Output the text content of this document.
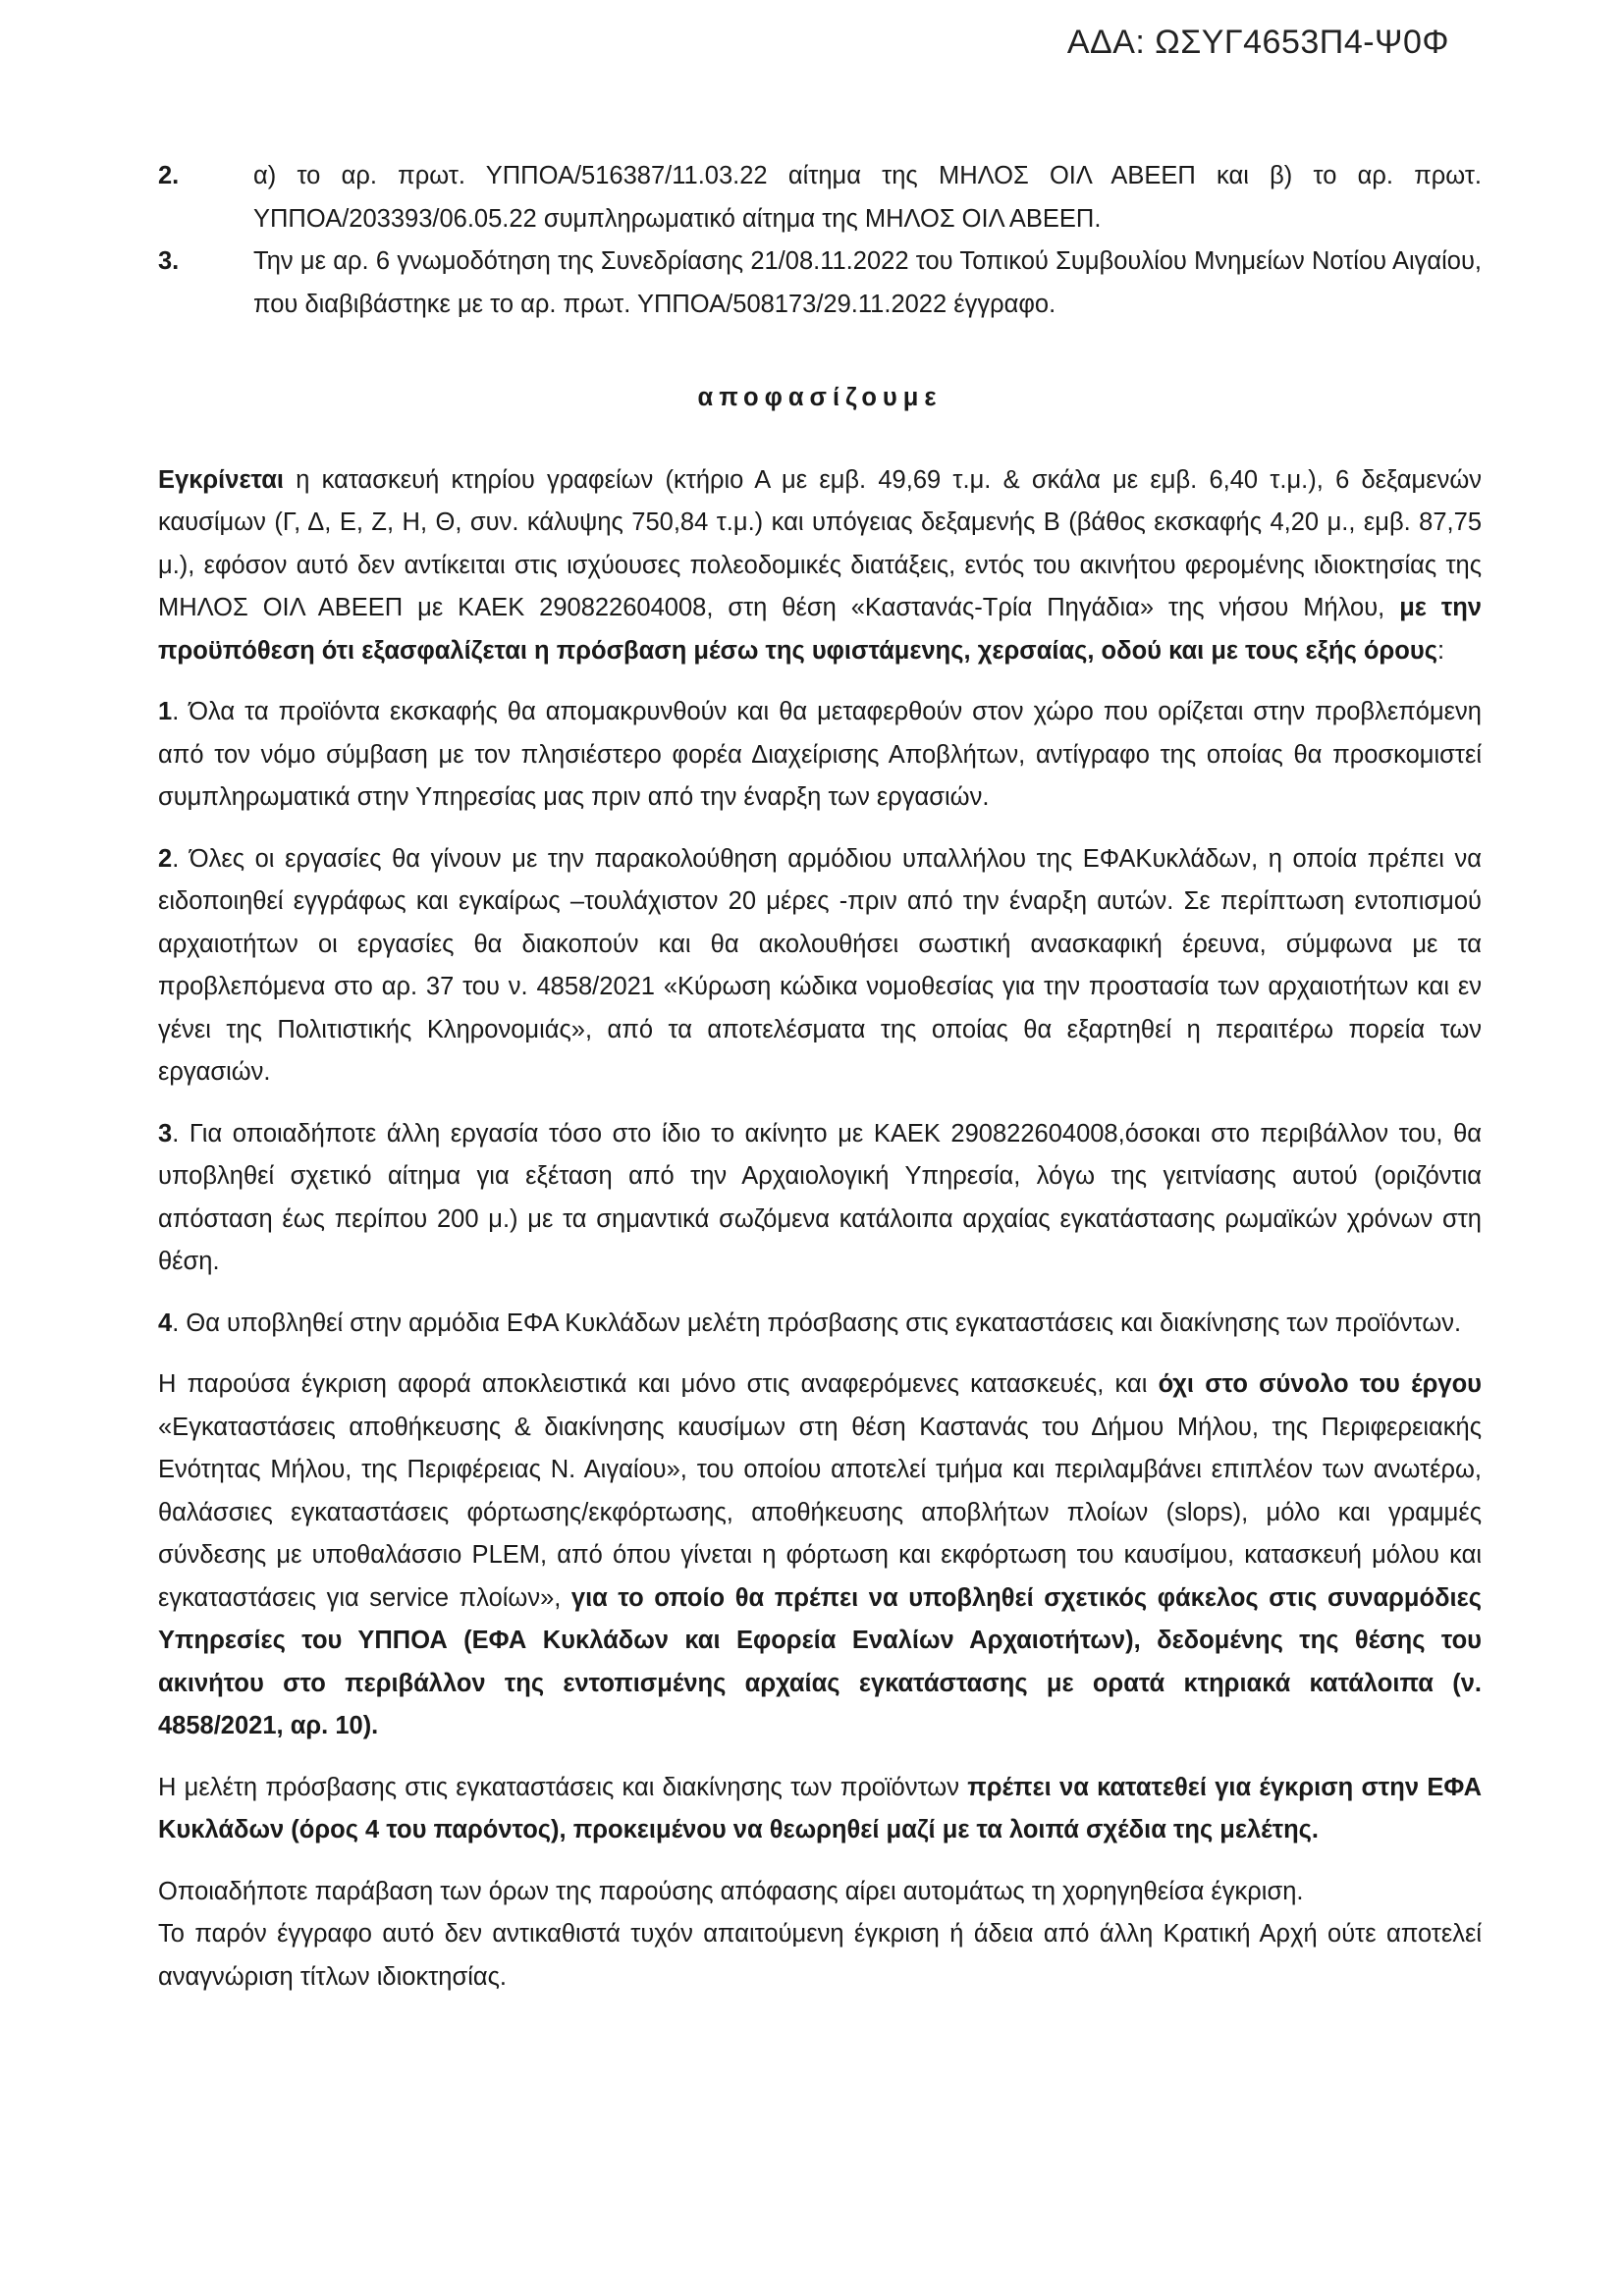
ΑΔΑ: ΩΣΥΓ4653Π4-Ψ0Φ
2.	α) το αρ. πρωτ. ΥΠΠΟΑ/516387/11.03.22 αίτημα της ΜΗΛΟΣ ΟΙΛ ΑΒΕΕΠ και β) το αρ. πρωτ. ΥΠΠΟΑ/203393/06.05.22 συμπληρωματικό αίτημα της ΜΗΛΟΣ ΟΙΛ ΑΒΕΕΠ.
3.	Την με αρ. 6 γνωμοδότηση της Συνεδρίασης 21/08.11.2022 του Τοπικού Συμβουλίου Μνημείων Νοτίου Αιγαίου, που διαβιβάστηκε με το αρ. πρωτ. ΥΠΠΟΑ/508173/29.11.2022 έγγραφο.
αποφασίζουμε

Εγκρίνεται η κατασκευή κτηρίου γραφείων (κτήριο Α με εμβ. 49,69 τ.μ. & σκάλα με εμβ. 6,40 τ.μ.), 6 δεξαμενών καυσίμων (Γ, Δ, Ε, Ζ, Η, Θ, συν. κάλυψης 750,84 τ.μ.) και υπόγειας δεξαμενής Β (βάθος εκσκαφής 4,20 μ., εμβ. 87,75 μ.), εφόσον αυτό δεν αντίκειται στις ισχύουσες πολεοδομικές διατάξεις, εντός του ακινήτου φερομένης ιδιοκτησίας της ΜΗΛΟΣ ΟΙΛ ΑΒΕΕΠ με ΚΑΕΚ 290822604008, στη θέση «Καστανάς-Τρία Πηγάδια» της νήσου Μήλου, με την προϋπόθεση ότι εξασφαλίζεται η πρόσβαση μέσω της υφιστάμενης, χερσαίας, οδού και με τους εξής όρους:

1. Όλα τα προϊόντα εκσκαφής θα απομακρυνθούν και θα μεταφερθούν στον χώρο που ορίζεται στην προβλεπόμενη από τον νόμο σύμβαση με τον πλησιέστερο φορέα Διαχείρισης Αποβλήτων, αντίγραφο της οποίας θα προσκομιστεί συμπληρωματικά στην Υπηρεσίας μας πριν από την έναρξη των εργασιών.

2. Όλες οι εργασίες θα γίνουν με την παρακολούθηση αρμόδιου υπαλλήλου της ΕΦΑΚυκλάδων, η οποία πρέπει να ειδοποιηθεί εγγράφως και εγκαίρως –τουλάχιστον 20 μέρες -πριν από την έναρξη αυτών. Σε περίπτωση εντοπισμού αρχαιοτήτων οι εργασίες θα διακοπούν και θα ακολουθήσει σωστική ανασκαφική έρευνα, σύμφωνα με τα προβλεπόμενα στο αρ. 37 του ν. 4858/2021 «Κύρωση κώδικα νομοθεσίας για την προστασία των αρχαιοτήτων και εν γένει της Πολιτιστικής Κληρονομιάς», από τα αποτελέσματα της οποίας θα εξαρτηθεί η περαιτέρω πορεία των εργασιών.

3. Για οποιαδήποτε άλλη εργασία τόσο στο ίδιο το ακίνητο με ΚΑΕΚ 290822604008,όσοκαι στο περιβάλλον του, θα υποβληθεί σχετικό αίτημα για εξέταση από την Αρχαιολογική Υπηρεσία, λόγω της γειτνίασης αυτού (οριζόντια απόσταση έως περίπου 200 μ.) με τα σημαντικά σωζόμενα κατάλοιπα αρχαίας εγκατάστασης ρωμαϊκών χρόνων στη θέση.

4. Θα υποβληθεί στην αρμόδια ΕΦΑ Κυκλάδων μελέτη πρόσβασης στις εγκαταστάσεις και διακίνησης των προϊόντων.

Η παρούσα έγκριση αφορά αποκλειστικά και μόνο στις αναφερόμενες κατασκευές, και όχι στο σύνολο του έργου «Εγκαταστάσεις αποθήκευσης & διακίνησης καυσίμων στη θέση Καστανάς του Δήμου Μήλου, της Περιφερειακής Ενότητας Μήλου, της Περιφέρειας Ν. Αιγαίου», του οποίου αποτελεί τμήμα και περιλαμβάνει επιπλέον των ανωτέρω, θαλάσσιες εγκαταστάσεις φόρτωσης/εκφόρτωσης, αποθήκευσης αποβλήτων πλοίων (slops), μόλο και γραμμές σύνδεσης με υποθαλάσσιο PLEM, από όπου γίνεται η φόρτωση και εκφόρτωση του καυσίμου, κατασκευή μόλου και εγκαταστάσεις για service πλοίων», για το οποίο θα πρέπει να υποβληθεί σχετικός φάκελος στις συναρμόδιες Υπηρεσίες του ΥΠΠΟΑ (ΕΦΑ Κυκλάδων και Εφορεία Εναλίων Αρχαιοτήτων), δεδομένης της θέσης του ακινήτου στο περιβάλλον της εντοπισμένης αρχαίας εγκατάστασης με ορατά κτηριακά κατάλοιπα (ν. 4858/2021, αρ. 10).

Η μελέτη πρόσβασης στις εγκαταστάσεις και διακίνησης των προϊόντων πρέπει να κατατεθεί για έγκριση στην ΕΦΑ Κυκλάδων (όρος 4 του παρόντος), προκειμένου να θεωρηθεί μαζί με τα λοιπά σχέδια της μελέτης.

Οποιαδήποτε παράβαση των όρων της παρούσης απόφασης αίρει αυτομάτως τη χορηγηθείσα έγκριση.

Το παρόν έγγραφο αυτό δεν αντικαθιστά τυχόν απαιτούμενη έγκριση ή άδεια από άλλη Κρατική Αρχή ούτε αποτελεί αναγνώριση τίτλων ιδιοκτησίας.
